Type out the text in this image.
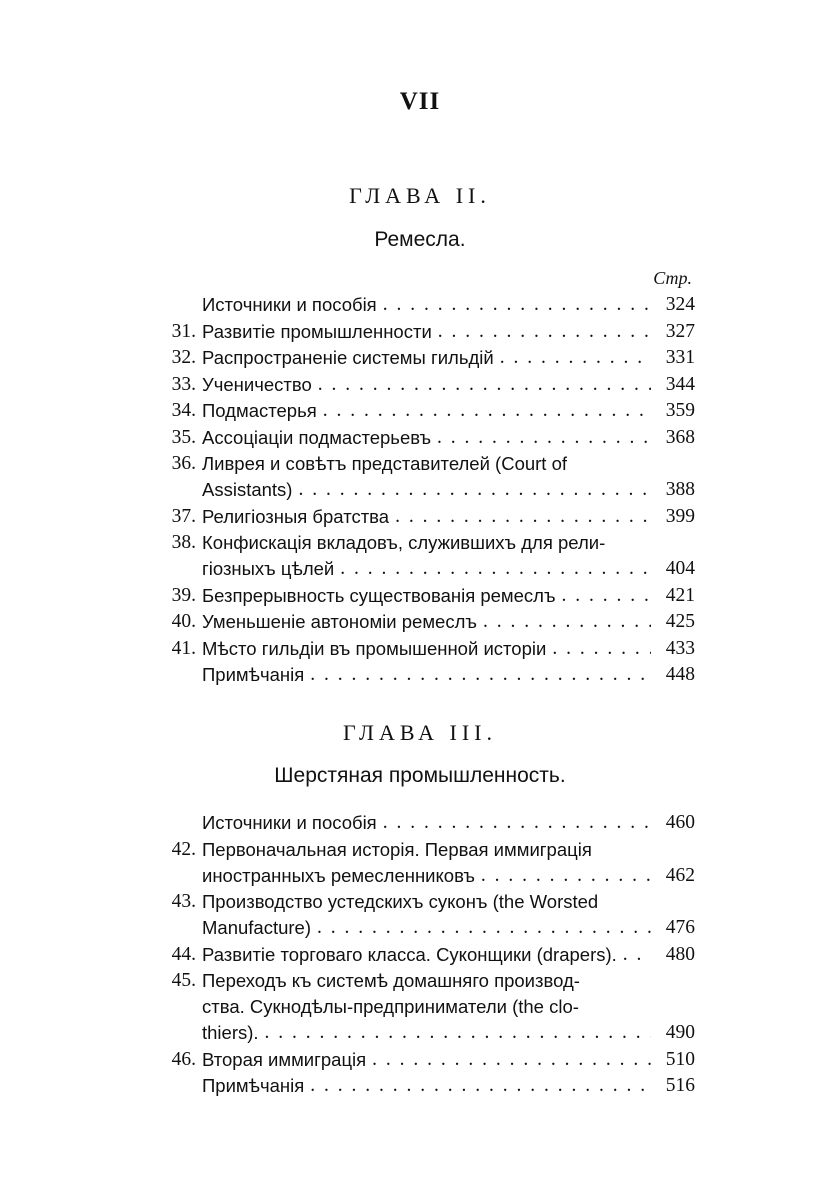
VII
ГЛАВА II.
Ремесла.
Стр.
ГЛАВА III.
Шерстяная промышленность.
Источники и пособія . . .	324
31. Развитіе промышленности . . .	327
32. Распространеніе системы гильдій . . .	331
33. Ученичество . . .	344
34. Подмастерья . . .	359
35. Ассоціаціи подмастерьевъ . . .	368
36. Ливрея и совѣтъ представителей (Court of
Assistants) . . .	388
37. Религіозныя братства . . .	399
38. Конфискація вкладовъ, служившихъ для рели-
гіозныхъ цѣлей . . .	404
39. Безпрерывность существованія ремеслъ . . .	421
40. Уменьшеніе автономіи ремеслъ . . .	425
41. Мѣсто гильдіи въ промышенной исторіи . . .	433
Примѣчанія . . .	448
Источники и пособія . . .	460
42. Первоначальная исторія. Первая иммиграція
иностранныхъ ремесленниковъ . . .	462
43. Производство устедскихъ суконъ (the Worsted
Manufacture) . . .	476
44. Развитіе торговаго класса. Суконщики (drapers). . . .	480
45. Переходъ къ системѣ домашняго производ-
ства. Сукнодѣлы-предприниматели (the clo-
thiers). . . .	490
46. Вторая иммиграція . . .	510
Примѣчанія . . .	516
